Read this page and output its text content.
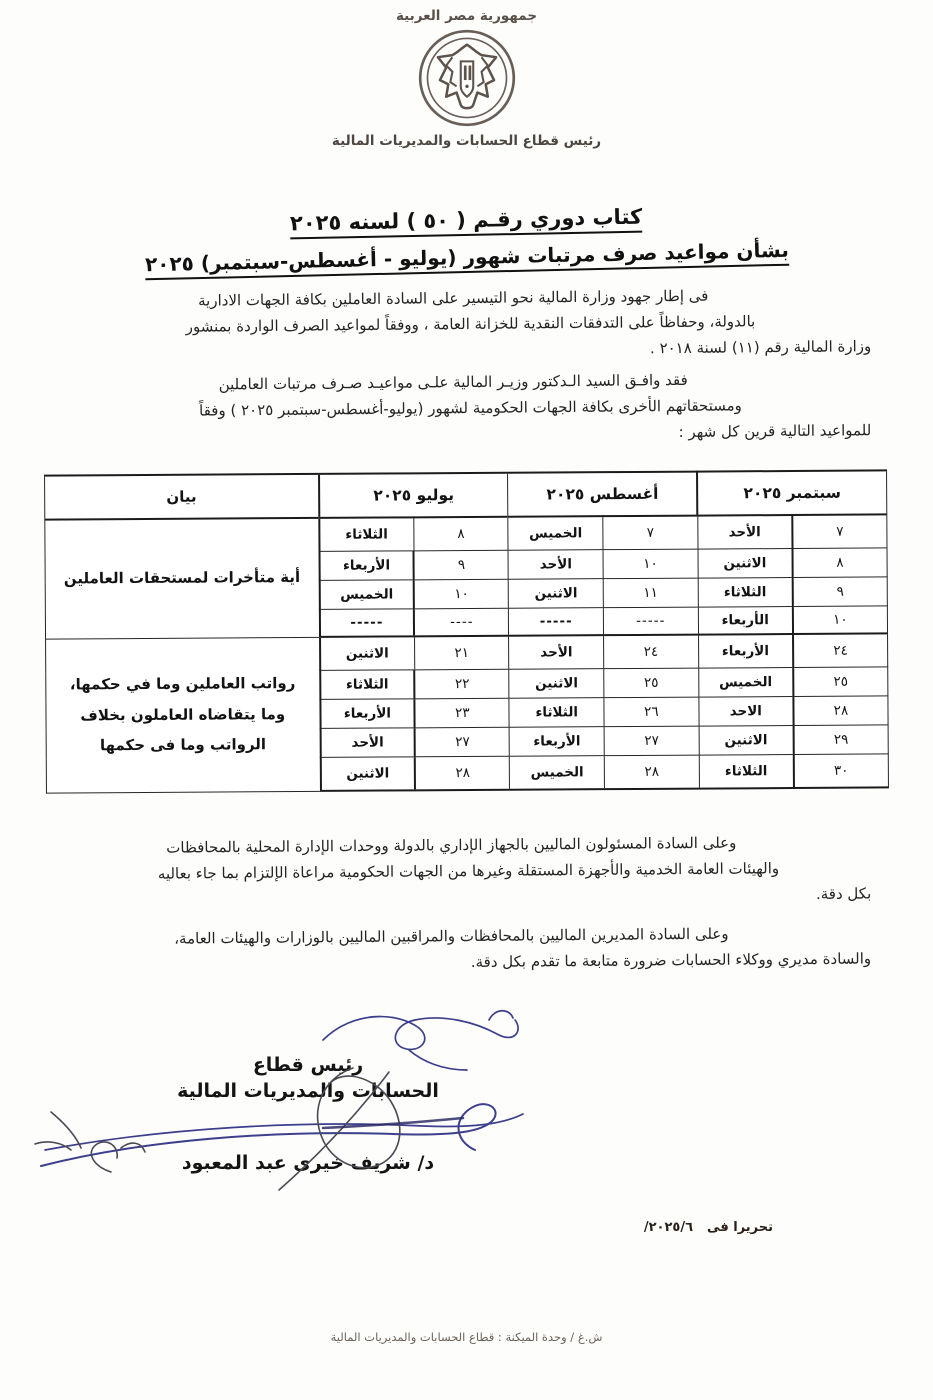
جمهورية مصر العربية
رئيس قطاع الحسابات والمديريات المالية
كتاب دوري رقـم ( ٥٠ ) لسنه ٢٠٢٥
بشأن مواعيد صرف مرتبات شهور (يوليو - أغسطس-سبتمبر) ٢٠٢٥

فى إطار جهود وزارة المالية نحو التيسير على السادة العاملين بكافة الجهات الادارية

بالدولة، وحفاظاً على التدفقات النقدية للخزانة العامة ، ووفقاً لمواعيد الصرف الواردة بمنشور

وزارة المالية رقم (١١) لسنة ٢٠١٨ .

فقد وافـق السيد الـدكتور وزيـر المالية علـى مواعيـد صـرف مرتبات العاملين

ومستحقاتهم الأخرى بكافة الجهات الحكومية لشهور (يوليو-أغسطس-سبتمبر ٢٠٢٥ ) وفقاً

للمواعيد التالية قرين كل شهر :

سبتمبر ٢٠٢٥		أغسطس ٢٠٢٥		يوليو ٢٠٢٥		بيان
٧	الأحد	٧	الخميس	٨	الثلاثاء	أية متأخرات لمستحقات العاملين
٨	الاثنين	١٠	الأحد	٩	الأربعاء	
٩	الثلاثاء	١١	الاثنين	١٠	الخميس	
١٠	الأربعاء	-----	-----	----	-----	
٢٤	الأربعاء	٢٤	الأحد	٢١	الاثنين	رواتب العاملين وما في حكمها، وما يتقاضاه العاملون بخلاف الرواتب وما فى حكمها
٢٥	الخميس	٢٥	الاثنين	٢٢	الثلاثاء	
٢٨	الاحد	٢٦	الثلاثاء	٢٣	الأربعاء	
٢٩	الاثنين	٢٧	الأربعاء	٢٧	الأحد	
٣٠	الثلاثاء	٢٨	الخميس	٢٨	الاثنين	

وعلى السادة المسئولون الماليين بالجهاز الإداري بالدولة ووحدات الإدارة المحلية بالمحافظات

والهيئات العامة الخدمية والأجهزة المستقلة وغيرها من الجهات الحكومية مراعاة الإلتزام بما جاء بعاليه

بكل دقة.

وعلى السادة المديرين الماليين بالمحافظات والمراقبين الماليين بالوزارات والهيئات العامة،

والسادة مديري ووكلاء الحسابات ضرورة متابعة ما تقدم بكل دقة.

رئيس قطاع
الحسابات والمديريات المالية
د/ شريف خيرى عبد المعبود
تحريرا فى٢٠٢٥/٦/
ش.غ / وحدة الميكنة : قطاع الحسابات والمديريات المالية
